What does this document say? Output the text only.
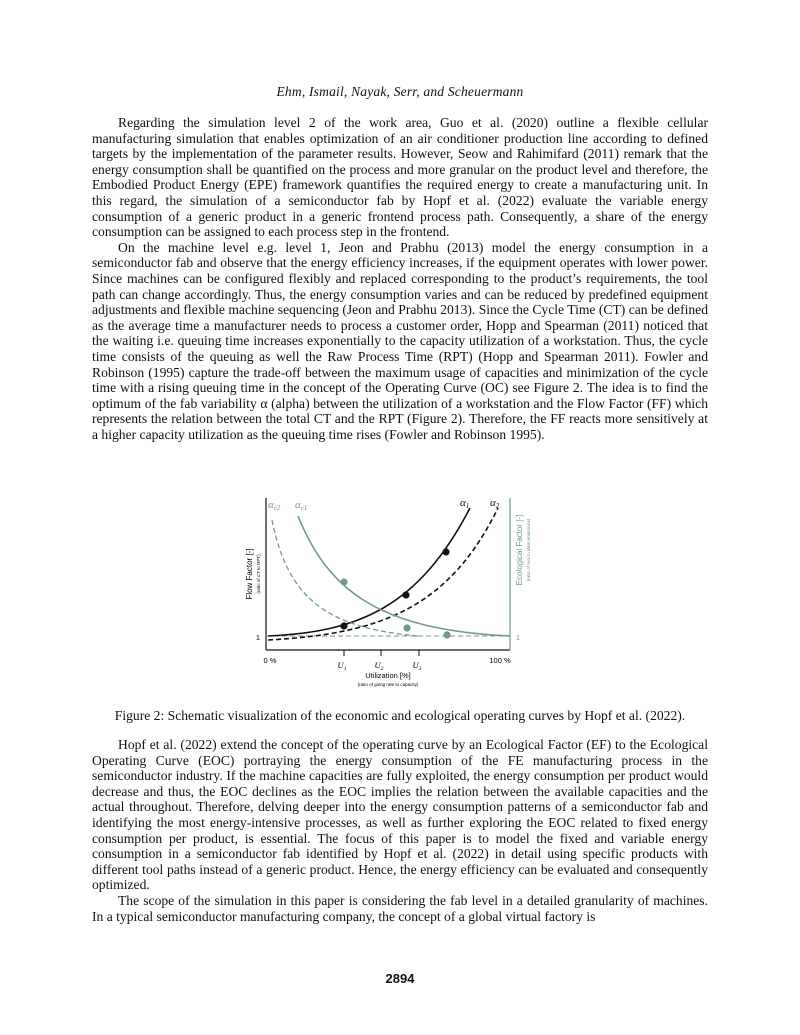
Ehm, Ismail, Nayak, Serr, and Scheuermann

Regarding the simulation level 2 of the work area, Guo et al. (2020) outline a flexible cellular manufacturing simulation that enables optimization of an air conditioner production line according to defined targets by the implementation of the parameter results. However, Seow and Rahimifard (2011) remark that the energy consumption shall be quantified on the process and more granular on the product level and therefore, the Embodied Product Energy (EPE) framework quantifies the required energy to create a manufacturing unit. In this regard, the simulation of a semiconductor fab by Hopf et al. (2022) evaluate the variable energy consumption of a generic product in a generic frontend process path. Consequently, a share of the energy consumption can be assigned to each process step in the frontend.

On the machine level e.g. level 1, Jeon and Prabhu (2013) model the energy consumption in a semiconductor fab and observe that the energy efficiency increases, if the equipment operates with lower power. Since machines can be configured flexibly and replaced corresponding to the product’s requirements, the tool path can change accordingly. Thus, the energy consumption varies and can be reduced by predefined equipment adjustments and flexible machine sequencing (Jeon and Prabhu 2013). Since the Cycle Time (CT) can be defined as the average time a manufacturer needs to process a customer order, Hopp and Spearman (2011) noticed that the waiting i.e. queuing time increases exponentially to the capacity utilization of a workstation. Thus, the cycle time consists of the queuing as well the Raw Process Time (RPT) (Hopp and Spearman 2011). Fowler and Robinson (1995) capture the trade-off between the maximum usage of capacities and minimization of the cycle time with a rising queuing time in the concept of the Operating Curve (OC) see Figure 2. The idea is to find the optimum of the fab variability α (alpha) between the utilization of a workstation and the Flow Factor (FF) which represents the relation between the total CT and the RPT (Figure 2). Therefore, the FF reacts more sensitively at a higher capacity utilization as the queuing time rises (Fowler and Robinson 1995).

Flow Factor [-] (ratio of CT to RPT)
1
Ecological Factor [-] (ratio of real to ideal emissions)
1
0 %	100 %
Utilization [%]
(ratio of going rate to capacity)
$U_1$	$U_2$	$U_3$
α1 α2
αe1
αe2
Figure 2: Schematic visualization of the economic and ecological operating curves by Hopf et al. (2022).

Hopf et al. (2022) extend the concept of the operating curve by an Ecological Factor (EF) to the Ecological Operating Curve (EOC) portraying the energy consumption of the FE manufacturing process in the semiconductor industry. If the machine capacities are fully exploited, the energy consumption per product would decrease and thus, the EOC declines as the EOC implies the relation between the available capacities and the actual throughout. Therefore, delving deeper into the energy consumption patterns of a semiconductor fab and identifying the most energy-intensive processes, as well as further exploring the EOC related to fixed energy consumption per product, is essential. The focus of this paper is to model the fixed and variable energy consumption in a semiconductor fab identified by Hopf et al. (2022) in detail using specific products with different tool paths instead of a generic product. Hence, the energy efficiency can be evaluated and consequently optimized.

The scope of the simulation in this paper is considering the fab level in a detailed granularity of machines. In a typical semiconductor manufacturing company, the concept of a global virtual factory is

2894
